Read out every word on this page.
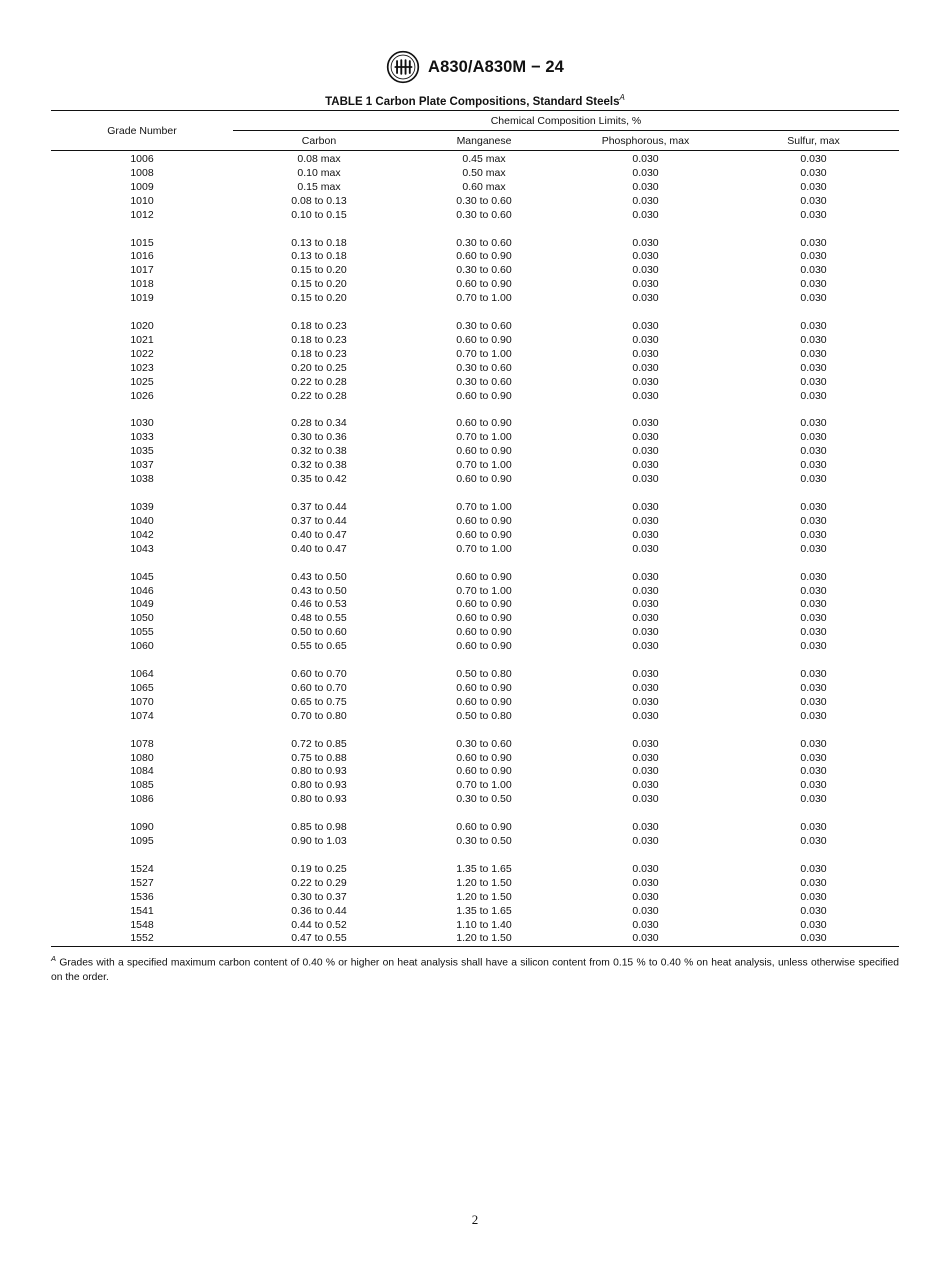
A830/A830M − 24
TABLE 1 Carbon Plate Compositions, Standard Steels$^A$
Grade Number	Chemical Composition Limits, %			
	Carbon	Manganese	Phosphorous, max	Sulfur, max
1006	0.08 max	0.45 max	0.030	0.030
1008	0.10 max	0.50 max	0.030	0.030
1009	0.15 max	0.60 max	0.030	0.030
1010	0.08 to 0.13	0.30 to 0.60	0.030	0.030
1012	0.10 to 0.15	0.30 to 0.60	0.030	0.030

1015	0.13 to 0.18	0.30 to 0.60	0.030	0.030
1016	0.13 to 0.18	0.60 to 0.90	0.030	0.030
1017	0.15 to 0.20	0.30 to 0.60	0.030	0.030
1018	0.15 to 0.20	0.60 to 0.90	0.030	0.030
1019	0.15 to 0.20	0.70 to 1.00	0.030	0.030

1020	0.18 to 0.23	0.30 to 0.60	0.030	0.030
1021	0.18 to 0.23	0.60 to 0.90	0.030	0.030
1022	0.18 to 0.23	0.70 to 1.00	0.030	0.030
1023	0.20 to 0.25	0.30 to 0.60	0.030	0.030
1025	0.22 to 0.28	0.30 to 0.60	0.030	0.030
1026	0.22 to 0.28	0.60 to 0.90	0.030	0.030

1030	0.28 to 0.34	0.60 to 0.90	0.030	0.030
1033	0.30 to 0.36	0.70 to 1.00	0.030	0.030
1035	0.32 to 0.38	0.60 to 0.90	0.030	0.030
1037	0.32 to 0.38	0.70 to 1.00	0.030	0.030
1038	0.35 to 0.42	0.60 to 0.90	0.030	0.030

1039	0.37 to 0.44	0.70 to 1.00	0.030	0.030
1040	0.37 to 0.44	0.60 to 0.90	0.030	0.030
1042	0.40 to 0.47	0.60 to 0.90	0.030	0.030
1043	0.40 to 0.47	0.70 to 1.00	0.030	0.030

1045	0.43 to 0.50	0.60 to 0.90	0.030	0.030
1046	0.43 to 0.50	0.70 to 1.00	0.030	0.030
1049	0.46 to 0.53	0.60 to 0.90	0.030	0.030
1050	0.48 to 0.55	0.60 to 0.90	0.030	0.030
1055	0.50 to 0.60	0.60 to 0.90	0.030	0.030
1060	0.55 to 0.65	0.60 to 0.90	0.030	0.030

1064	0.60 to 0.70	0.50 to 0.80	0.030	0.030
1065	0.60 to 0.70	0.60 to 0.90	0.030	0.030
1070	0.65 to 0.75	0.60 to 0.90	0.030	0.030
1074	0.70 to 0.80	0.50 to 0.80	0.030	0.030

1078	0.72 to 0.85	0.30 to 0.60	0.030	0.030
1080	0.75 to 0.88	0.60 to 0.90	0.030	0.030
1084	0.80 to 0.93	0.60 to 0.90	0.030	0.030
1085	0.80 to 0.93	0.70 to 1.00	0.030	0.030
1086	0.80 to 0.93	0.30 to 0.50	0.030	0.030

1090	0.85 to 0.98	0.60 to 0.90	0.030	0.030
1095	0.90 to 1.03	0.30 to 0.50	0.030	0.030

1524	0.19 to 0.25	1.35 to 1.65	0.030	0.030
1527	0.22 to 0.29	1.20 to 1.50	0.030	0.030
1536	0.30 to 0.37	1.20 to 1.50	0.030	0.030
1541	0.36 to 0.44	1.35 to 1.65	0.030	0.030
1548	0.44 to 0.52	1.10 to 1.40	0.030	0.030
1552	0.47 to 0.55	1.20 to 1.50	0.030	0.030
$^A$ Grades with a specified maximum carbon content of 0.40 % or higher on heat analysis shall have a silicon content from 0.15 % to 0.40 % on heat analysis, unless otherwise specified on the order.
2
